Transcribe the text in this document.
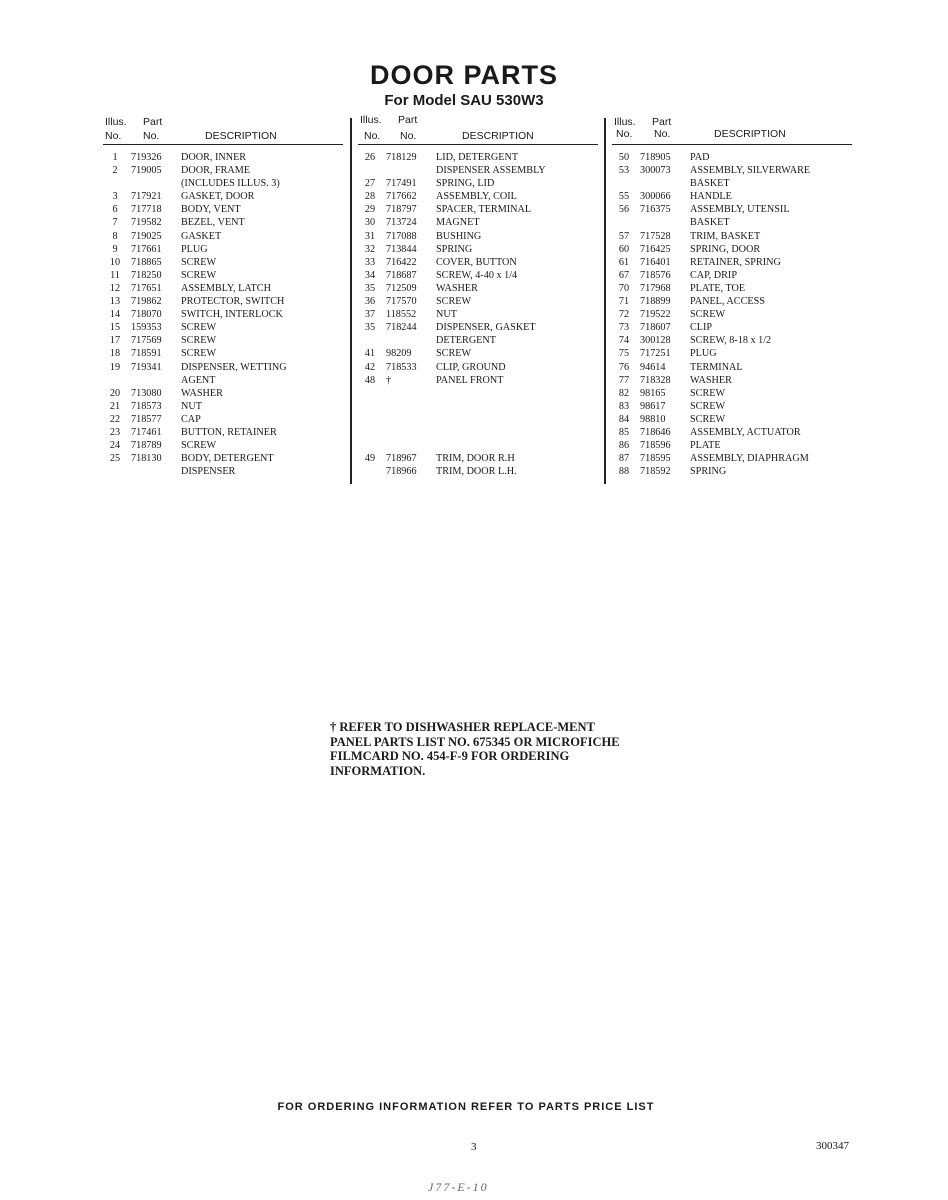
DOOR PARTS
For Model SAU 530W3
Illus. Part
No. No.	DESCRIPTION
1	719326 DOOR, INNER
2	719005 DOOR, FRAME
(INCLUDES ILLUS. 3)
3	717921 GASKET, DOOR
6	717718 BODY, VENT
7	719582 BEZEL, VENT
8	719025 GASKET
9	717661 PLUG
10	718865 SCREW
11	718250 SCREW
12	717651 ASSEMBLY, LATCH
13	719862 PROTECTOR, SWITCH
14	718070 SWITCH, INTERLOCK
15	159353 SCREW
17	717569 SCREW
18	718591 SCREW
19	719341 DISPENSER, WETTING
AGENT
20	713080 WASHER
21	718573 NUT
22	718577 CAP
23	717461 BUTTON, RETAINER
24	718789 SCREW
25	718130 BODY, DETERGENT
DISPENSER
Illus. Part
No. No.	DESCRIPTION
26	718129 LID, DETERGENT
DISPENSER ASSEMBLY
27	717491 SPRING, LID
28	717662 ASSEMBLY, COIL
29	718797 SPACER, TERMINAL
30	713724 MAGNET
31	717088 BUSHING
32	713844 SPRING
33	716422 COVER, BUTTON
34	718687 SCREW, 4-40 x 1/4
35	712509 WASHER
36	717570 SCREW
37	118552 NUT
35	718244 DISPENSER, GASKET
DETERGENT
41	98209 SCREW
42	718533 CLIP, GROUND
48	†	PANEL FRONT
49	718967 TRIM, DOOR R.H
718966 TRIM, DOOR L.H.
Illus. Part
No. No.	DESCRIPTION
50	718905 PAD
53	300073 ASSEMBLY, SILVERWARE
BASKET
55	300066 HANDLE
56	716375 ASSEMBLY, UTENSIL
BASKET
57	717528 TRIM, BASKET
60	716425 SPRING, DOOR
61	716401 RETAINER, SPRING
67	718576 CAP, DRIP
70	717968 PLATE, TOE
71	718899 PANEL, ACCESS
72	719522 SCREW
73	718607 CLIP
74	300128 SCREW, 8-18 x 1/2
75	717251 PLUG
76	94614 TERMINAL
77	718328 WASHER
82	98165 SCREW
83	98617 SCREW
84	98810 SCREW
85	718646 ASSEMBLY, ACTUATOR
86	718596 PLATE
87	718595 ASSEMBLY, DIAPHRAGM
88	718592 SPRING
† REFER TO DISHWASHER REPLACE-MENT PANEL PARTS LIST NO. 675345 OR MICROFICHE FILMCARD NO. 454-F-9 FOR ORDERING INFORMATION.
FOR ORDERING INFORMATION REFER TO PARTS PRICE LIST
3	300347
J77-E-10
